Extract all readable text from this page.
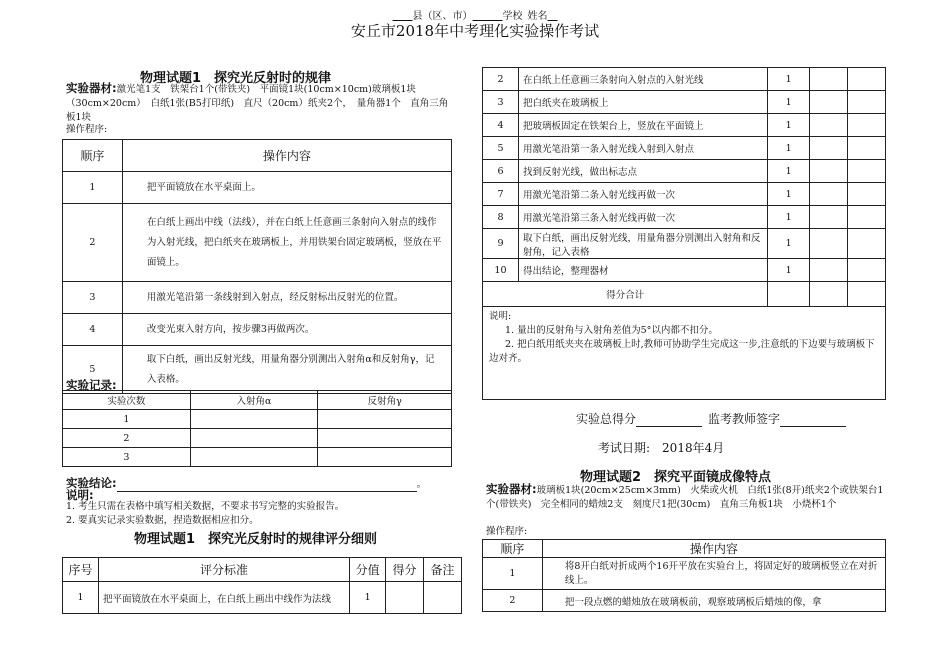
  县（区、市）   	学校  姓名 
安丘市2018年中考理化实验操作考试
物理试题1　探究光反射时的规律
实验器材:激光笔1支　铁架台1个(带铁夹)　平面镜1块(10cm×10cm)玻璃板1块（30cm×20cm）　白纸1张(B5打印纸)　直尺（20cm）纸夹2个，　量角器1个　直角三角板1块
操作程序:
顺序	操作内容
1	把平面镜放在水平桌面上。
2	在白纸上画出中线（法线），并在白纸上任意画三条射向入射点的线作为入射光线，把白纸夹在玻璃板上，并用铁架台固定玻璃板，竖放在平面镜上。
3	用激光笔沿第一条线射到入射点，经反射标出反射光的位置。
4	改变光束入射方向，按步骤3再做两次。
5	取下白纸，画出反射光线，用量角器分别测出入射角α和反射角γ，记入表格。
实验记录:
实验次数	入射角α	反射角γ
1		
2		
3		
实验结论:	。
说明:
1. 考生只需在表格中填写相关数据，不要求书写完整的实验报告。
2. 要真实记录实验数据，捏造数据相应扣分。
物理试题1　探究光反射时的规律评分细则
序号	评分标准	分值	得分	备注
1	把平面镜放在水平桌面上，在白纸上画出中线作为法线	1		
2	在白纸上任意画三条射向入射点的入射光线	1		
3	把白纸夹在玻璃板上	1		
4	把玻璃板固定在铁架台上，竖放在平面镜上	1		
5	用激光笔沿第一条入射光线入射到入射点	1		
6	找到反射光线，做出标志点	1		
7	用激光笔沿第二条入射光线再做一次	1		
8	用激光笔沿第三条入射光线再做一次	1		
9	取下白纸，画出反射光线，用量角器分别测出入射角和反射角，记入表格	1		
10	得出结论，整理器材	1		
得分合计				

说明:
1. 量出的反射角与入射角差值为5°以内都不扣分。
2. 把白纸用纸夹夹在玻璃板上时,教师可协助学生完成这一步,注意纸的下边要与玻璃板下边对齐。				
实验总得分 	监考教师签字
考试日期:　2018年4月
物理试题2　探究平面镜成像特点
实验器材:玻璃板1块(20cm×25cm×3mm)　火柴或火机　白纸1张(8开)纸夹2个或铁架台1个(带铁夹)　完全相同的蜡烛2支　刻度尺1把(30cm)　直角三角板1块　小烧杯1个
操作程序:
顺序	操作内容
1	将8开白纸对折成两个16开平放在实验台上，将固定好的玻璃板竖立在对折线上。
2	把一段点燃的蜡烛放在玻璃板前，观察玻璃板后蜡烛的像，拿
